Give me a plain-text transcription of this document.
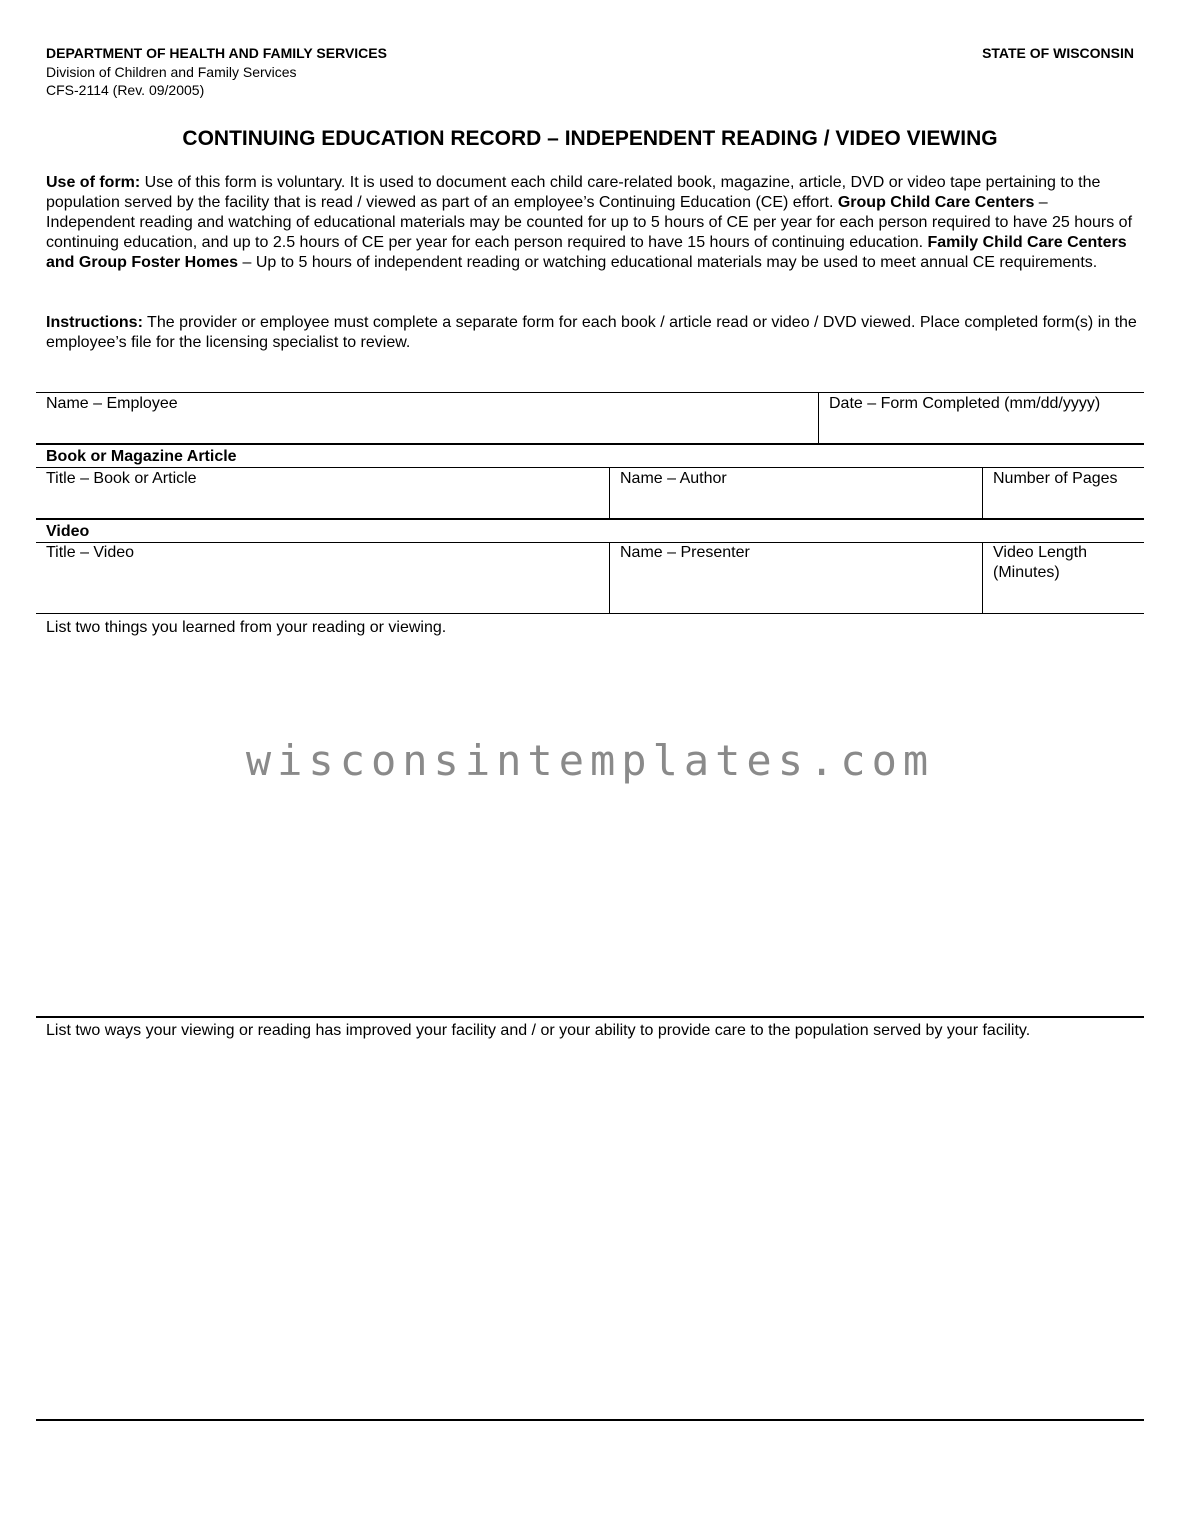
DEPARTMENT OF HEALTH AND FAMILY SERVICES
Division of Children and Family Services
CFS-2114 (Rev. 09/2005)
STATE OF WISCONSIN
CONTINUING EDUCATION RECORD – INDEPENDENT READING / VIDEO VIEWING
Use of form: Use of this form is voluntary. It is used to document each child care-related book, magazine, article, DVD or video tape pertaining to the population served by the facility that is read / viewed as part of an employee’s Continuing Education (CE) effort. Group Child Care Centers – Independent reading and watching of educational materials may be counted for up to 5 hours of CE per year for each person required to have 25 hours of continuing education, and up to 2.5 hours of CE per year for each person required to have 15 hours of continuing education. Family Child Care Centers and Group Foster Homes – Up to 5 hours of independent reading or watching educational materials may be used to meet annual CE requirements.
Instructions: The provider or employee must complete a separate form for each book / article read or video / DVD viewed. Place completed form(s) in the employee’s file for the licensing specialist to review.
Name – Employee	Date – Form Completed (mm/dd/yyyy)
Book or Magazine Article
Title – Book or Article	Name – Author	Number of Pages
Video
Title – Video	Name – Presenter	Video Length (Minutes)
List two things you learned from your reading or viewing.
wisconsintemplates.com
List two ways your viewing or reading has improved your facility and / or your ability to provide care to the population served by your facility.
